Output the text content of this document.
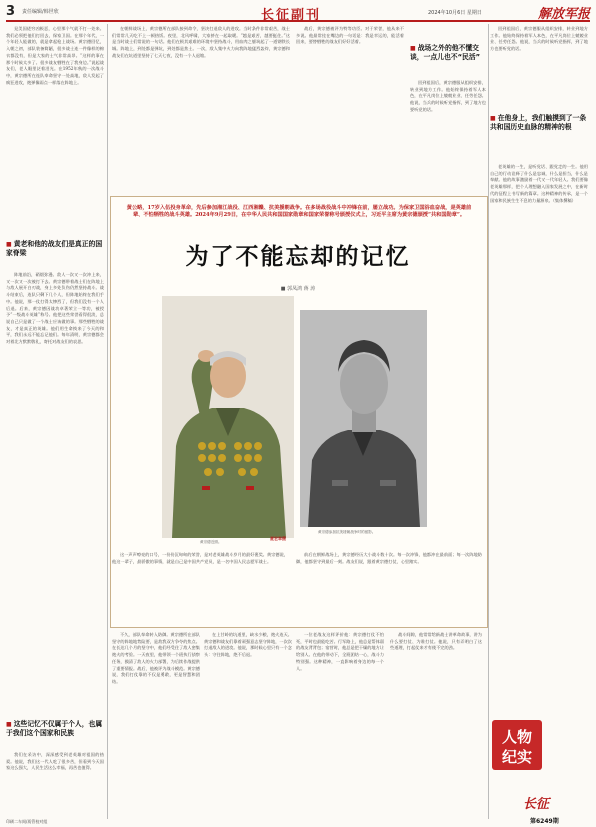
3 责任编辑/韩世欣	长征副刊	2024年10月6日 星期日	解放军报
見美国佬穷凶极恶，心里那个气就不打一处来。我们必须把他们打回去，保家卫国。在那个年代，一个年轻人能做的，就是拿起枪上战场。黄宗德回忆，入朝之初，部队装备简陋，很多战士连一件像样的棉衣都没有，但是大家的士气非常高昂。“这样的事在那个时候太多了。很多战友牺牲在了我身边。”说起战友们，老人眼里泛着泪光。在1952年秋的一次战斗中，黄宗德所在连队奉命坚守一处高地，敌人发起了疯狂进攻，炮弹像雨点一样落在阵地上。
■ 黄老和他的战友们是真正的国家脊梁
阵地前沿，硝烟弥漫。敌人一次又一次冲上来，又一次又一次被打下去。黄宗德带着战士们在阵地上与敌人展开白刃战，身上多处负伤仍然坚持战斗。战斗结束后，连队只剩下几个人，但阵地始终在我们手中。他说，那一仗打得太惨烈了，但我们没有一个人后退。后来，黄宗德因战功卓著荣立一等功，被授予“一级战斗英雄”称号。他把这些荣誉看得很淡，总说自己只是做了一个战士应该做的事。那些牺牲的战友，才是真正的英雄。他们用生命换来了今天的和平，我们永远不能忘记他们。每年清明，黄宗德都会对着北方默默敬礼，寄托对战友们的哀思。
■ 这些记忆不仅属于个人，也属于我们这个国家和民族
我们在采访中，深深感受到老英雄对祖国的热爱。他说，我们这一代人吃了很多苦，但看到今天国家这么强大，人民生活这么幸福，再苦也值得。
印刷二车间/质管校对组
在朝鲜战场上，黄宗德所在部队接到命令，坚决打退敌人的进攻。当时条件非常艰苦，战士们常常几天吃不上一顿热饭。夜里，北风呼啸，大家挤在一起取暖。“越是艰苦，越要挺住。”这是当时战士们常说的一句话。他们在极其艰难的环境中坚持战斗，用血肉之躯筑起了一道钢铁长城。阵地上，到处都是弹坑，到处都是焦土。一次，敌人集中火力向我阵地猛烈轰炸，黄宗德和战友们在坑道里坚持了七天七夜，没有一个人退缩。
战后，黄宗德被评为特等功臣。对于荣誉，他从来不多说。他最常挂在嘴边的一句话是：我是幸运的，能活着回来，要替牺牲的战友们好好活着。
■ 战场之外的他不懂交谈，一点儿也不“民活”
回到祖国后，黄宗德服从组织安排，转业到地方工作。他始终保持着军人本色，在平凡岗位上兢兢业业、任劳任怨。他说，当兵的时候听党指挥，到了地方也要听党的话。
回到祖国后，黄宗德服从组织安排，转业到地方工作。他始终保持着军人本色，在平凡岗位上兢兢业业、任劳任怨。他说，当兵的时候听党指挥，到了地方也要听党的话。
■ 在他身上，我们触摸到了一条共和国历史血脉的精神的根
老英雄的一生，是听党话、跟党走的一生。他用自己的行动诠释了什么是忠诚，什么是担当，什么是奉献。他的故事激励着一代又一代年轻人。我们要像老英雄那样，把个人理想融入国家发展之中，在新时代的征程上书写新的篇章。这种精神的传承，是一个国家和民族生生不息的力量源泉。（集体撰稿）
黄公略，17岁入伍投身革命，先后参加湘江战役、江西湘赣、抗美援朝战争。在多场战役战斗中冲锋在前，屡立战功。为保家卫国浴血奋战，是英雄前辈、不怕牺牲的战斗英雄。2024年9月29日，在中华人民共和国国家勋章和国家荣誉称号颁授仪式上，习近平主席为黄宗德颁授“共和国勋章”。
为了不能忘却的记忆
■ 郭凤鸿 蒋 涛
黄宗德近照。
黄宗德参加抗美援朝战争时的留影。
聂宏举摄
这一声声嘹亮的口号，一份份沉甸甸的荣誉，是对老英雄战斗岁月的最好褒奖。黄宗德说，他这一辈子，最骄傲的事情，就是自己是中国共产党员，是一名中国人民志愿军战士。
前后在朝鲜战场上，黄宗德经历大小战斗数十次。每一次冲锋，他都冲在最前面；每一次阵地防御，他都坚守到最后一刻。战友们说，跟着黄宗德打仗，心里踏实。
不久，部队奉命转入防御。黄宗德所在部队坚守的阵地地势险要，是敌我双方争夺的焦点。在长达几个月的坚守中，他们经受住了敌人密集炮火的考验。一天夜里，他带领一个班执行侦察任务，摸清了敌人的火力部署，为后续作战提供了重要情报。战后，他被评为战斗模范。黄宗德说，我们打仗靠的不仅是勇敢，更是智慧和团结。
在上甘岭的坑道里，缺水少粮，炮火连天。黄宗德和战友们靠着顽强意志坚守阵地，一次次打退敌人的进攻。他说，那时候心里只有一个念头：守住阵地，绝不后退。
一位老战友这样评价他：黄宗德打仗不怕死，平时也最能吃苦。行军路上，他总是帮体弱的战友背背包；宿营时，他总是把干燥的地方让给别人。在他的带动下，全班团结一心，战斗力特别强。这种精神，一直影响着身边的每一个人。
战斗间隙，他常常给新战士讲革命故事，讲为什么要打仗、为谁打仗。他说，只有弄明白了这些道理，打起仗来才有使不完的劲。
人物
纪实
长征
第6249期
